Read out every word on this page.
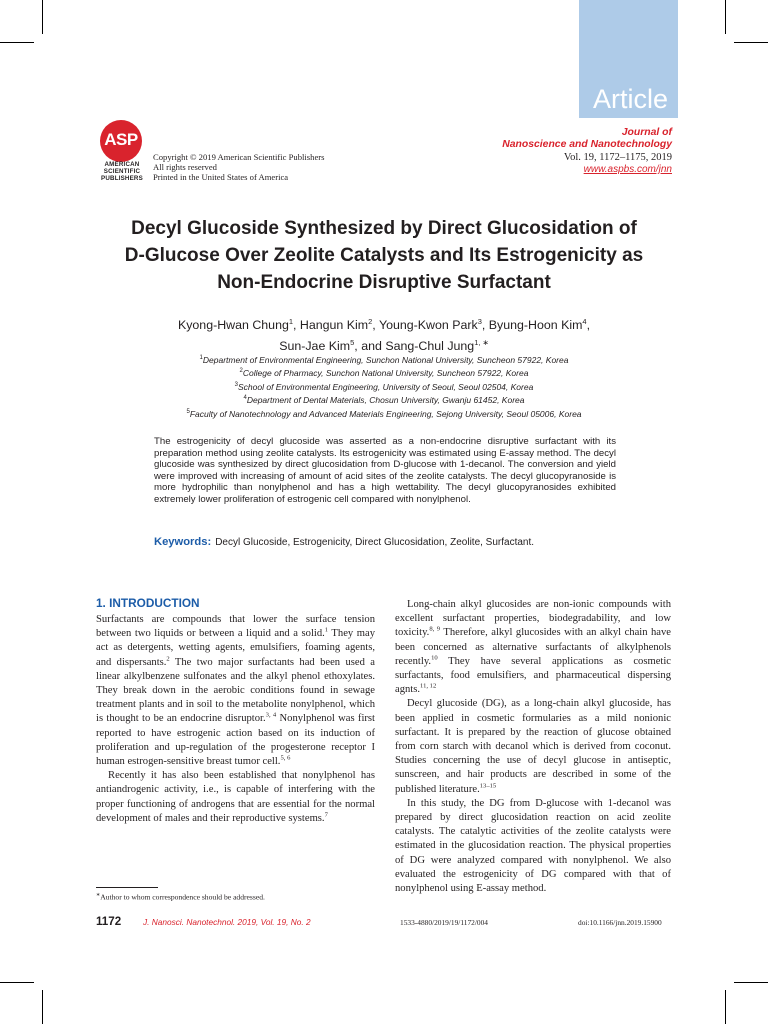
Article
ASP
AMERICAN
SCIENTIFIC
PUBLISHERS
Copyright © 2019 American Scientific Publishers
All rights reserved
Printed in the United States of America
Journal of
Nanoscience and Nanotechnology
Vol. 19, 1172–1175, 2019
www.aspbs.com/jnn
Decyl Glucoside Synthesized by Direct Glucosidation of
D-Glucose Over Zeolite Catalysts and Its Estrogenicity as
Non-Endocrine Disruptive Surfactant
Kyong-Hwan Chung$^1$, Hangun Kim$^2$, Young-Kwon Park$^3$, Byung-Hoon Kim$^4$,
Sun-Jae Kim$^5$, and Sang-Chul Jung$^{1, ∗}$
$^1$Department of Environmental Engineering, Sunchon National University, Suncheon 57922, Korea
$^2$College of Pharmacy, Sunchon National University, Suncheon 57922, Korea
$^3$School of Environmental Engineering, University of Seoul, Seoul 02504, Korea
$^4$Department of Dental Materials, Chosun University, Gwanju 61452, Korea
$^5$Faculty of Nanotechnology and Advanced Materials Engineering, Sejong University, Seoul 05006, Korea
The estrogenicity of decyl glucoside was asserted as a non-endocrine disruptive surfactant with its preparation method using zeolite catalysts. Its estrogenicity was estimated using E-assay method. The decyl glucoside was synthesized by direct glucosidation from D-glucose with 1-decanol. The conversion and yield were improved with increasing of amount of acid sites of the zeolite catalysts. The decyl glucopyranoside is more hydrophilic than nonylphenol and has a high wettability. The decyl glucopyranosides exhibited extremely lower proliferation of estrogenic cell compared with nonylphenol.
Keywords: Decyl Glucoside, Estrogenicity, Direct Glucosidation, Zeolite, Surfactant.
1. INTRODUCTION

Surfactants are compounds that lower the surface tension between two liquids or between a liquid and a solid.$^1$ They may act as detergents, wetting agents, emulsifiers, foaming agents, and dispersants.$^2$ The two major surfactants had been used a linear alkylbenzene sulfonates and the alkyl phenol ethoxylates. They break down in the aerobic conditions found in sewage treatment plants and in soil to the metabolite nonylphenol, which is thought to be an endocrine disruptor.$^{3, 4}$ Nonylphenol was first reported to have estrogenic action based on its induction of proliferation and up-regulation of the progesterone receptor I human estrogen-sensitive breast tumor cell.$^{5, 6}$

Recently it has also been established that nonylphenol has antiandrogenic activity, i.e., is capable of interfering with the proper functioning of androgens that are essential for the normal development of males and their reproductive systems.$^7$

Long-chain alkyl glucosides are non-ionic compounds with excellent surfactant properties, biodegradability, and low toxicity.$^{8, 9}$ Therefore, alkyl glucosides with an alkyl chain have been concerned as alternative surfactants of alkylphenols recently.$^{10}$ They have several applications as cosmetic surfactants, food emulsifiers, and pharmaceutical dispersing agnts.$^{11, 12}$

Decyl glucoside (DG), as a long-chain alkyl glucoside, has been applied in cosmetic formularies as a mild nonionic surfactant. It is prepared by the reaction of glucose obtained from corn starch with decanol which is derived from coconut. Studies concerning the use of decyl glucose in antiseptic, sunscreen, and hair products are described in some of the published literature.$^{13-15}$

In this study, the DG from D-glucose with 1-decanol was prepared by direct glucosidation reaction on acid zeolite catalysts. The catalytic activities of the zeolite catalysts were estimated in the glucosidation reaction. The physical properties of DG were analyzed compared with nonylphenol. We also evaluated the estrogenicity of DG compared with that of nonylphenol using E-assay method.

∗Author to whom correspondence should be addressed.
1172	J. Nanosci. Nanotechnol. 2019, Vol. 19, No. 2	1533-4880/2019/19/1172/004	doi:10.1166/jnn.2019.15900
